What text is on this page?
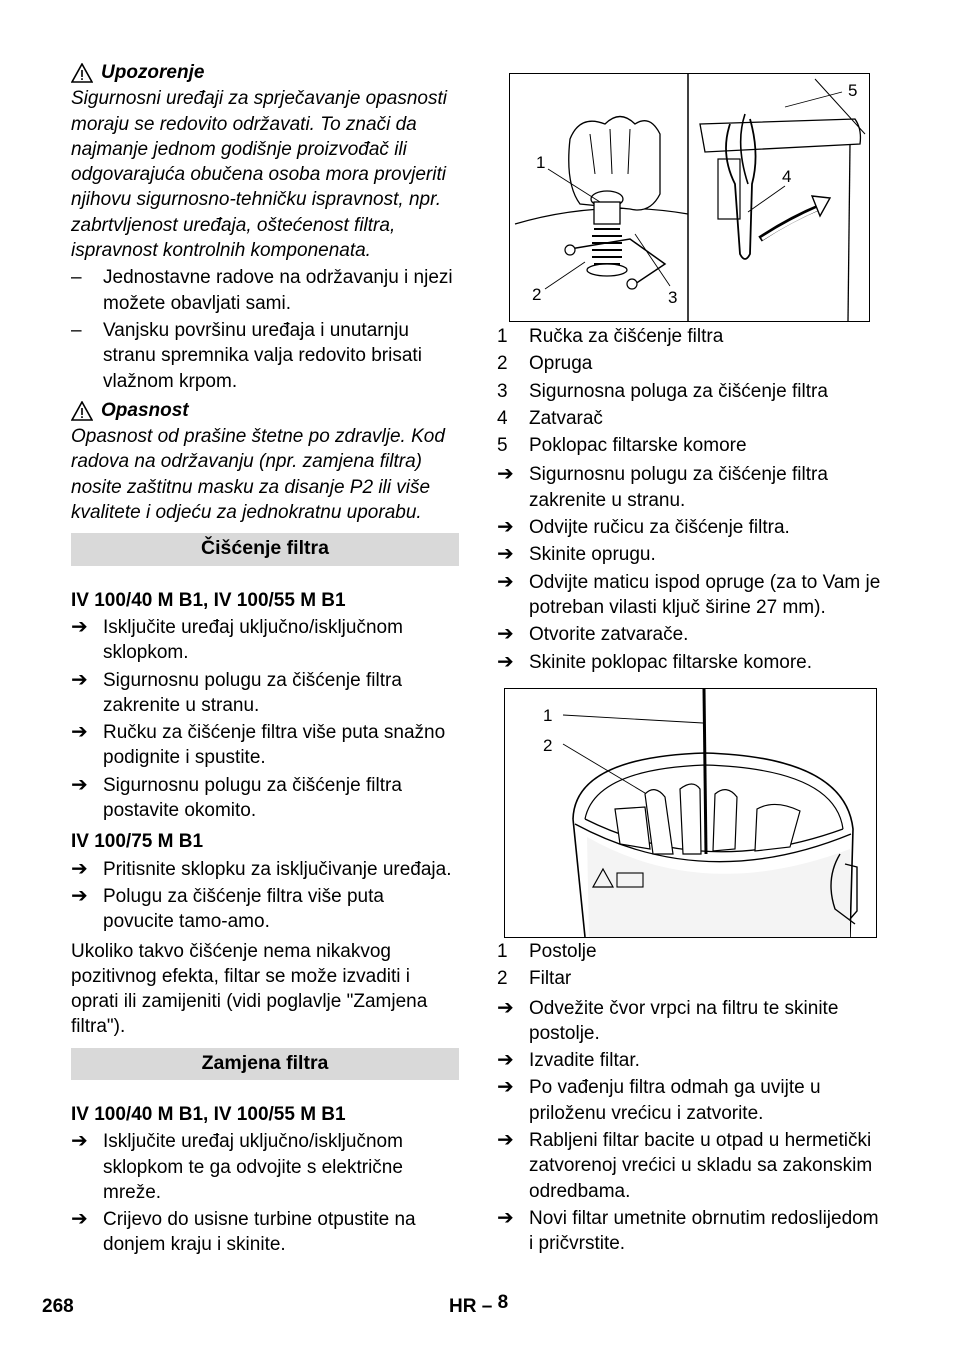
Upozorenje

Sigurnosni uređaji za sprječavanje opasnosti moraju se redovito održavati. To znači da najmanje jednom godišnje proizvođač ili odgovarajuća obučena osoba mora provjeriti njihovu sigurnosno-tehničku ispravnost, npr. zabrtvljenost uređaja, oštećenost filtra, ispravnost kontrolnih komponenata.

–	Jednostavne radove na održavanju i njezi možete obavljati sami.
–	Vanjsku površinu uređaja i unutarnju stranu spremnika valja redovito brisati vlažnom krpom.
Opasnost

Opasnost od prašine štetne po zdravlje. Kod radova na održavanju (npr. zamjena filtra) nosite zaštitnu masku za disanje P2 ili više kvalitete i odjeću za jednokratnu uporabu.

Čišćenje filtra
IV 100/40 M B1, IV 100/55 M B1
➔ Isključite uređaj uključno/isključnom sklopkom.
➔ Sigurnosnu polugu za čišćenje filtra zakrenite u stranu.
➔ Ručku za čišćenje filtra više puta snažno podignite i spustite.
➔ Sigurnosnu polugu za čišćenje filtra postavite okomito.
IV 100/75 M B1
➔ Pritisnite sklopku za isključivanje uređaja.
➔ Polugu za čišćenje filtra više puta povucite tamo-amo.

Ukoliko takvo čišćenje nema nikakvog pozitivnog efekta, filtar se može izvaditi i oprati ili zamijeniti (vidi poglavlje "Zamjena filtra").

Zamjena filtra
IV 100/40 M B1, IV 100/55 M B1
➔ Isključite uređaj uključno/isključnom sklopkom te ga odvojite s električne mreže.
➔ Crijevo do usisne turbine otpustite na donjem kraju i skinite.
1
2	3
4
5
1	Ručka za čišćenje filtra
2	Opruga
3	Sigurnosna poluga za čišćenje filtra
4	Zatvarač
5	Poklopac filtarske komore
➔ Sigurnosnu polugu za čišćenje filtra zakrenite u stranu.
➔ Odvijte ručicu za čišćenje filtra.
➔ Skinite oprugu.
➔ Odvijte maticu ispod opruge (za to Vam je potreban vilasti ključ širine 27 mm).
➔ Otvorite zatvarače.
➔ Skinite poklopac filtarske komore.
1
2
1	Postolje
2	Filtar
➔ Odvežite čvor vrpci na filtru te skinite postolje.
➔ Izvadite filtar.
➔ Po vađenju filtra odmah ga uvijte u priloženu vrećicu i zatvorite.
➔ Rabljeni filtar bacite u otpad u hermetički zatvorenoj vrećici u skladu sa zakonskim odredbama.
➔ Novi filtar umetnite obrnutim redoslijedom i pričvrstite.
268	HR – 8
